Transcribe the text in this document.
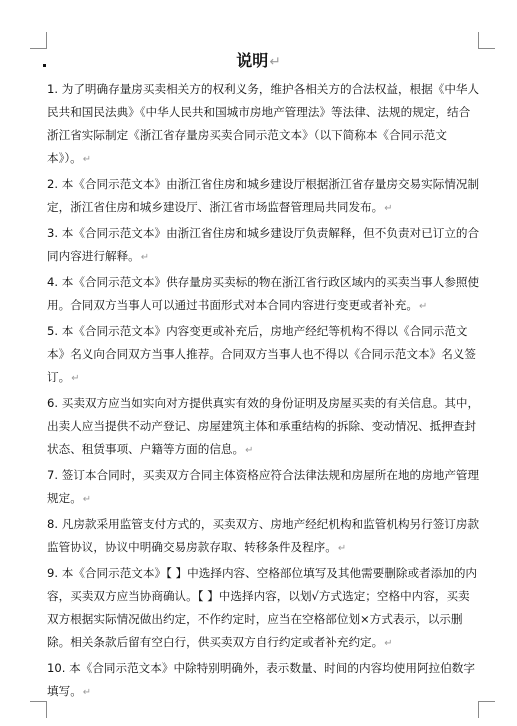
说明↵

1. 为了明确存量房买卖相关方的权利义务，维护各相关方的合法权益，根据《中华人民共和国民法典》《中华人民共和国城市房地产管理法》等法律、法规的规定，结合浙江省实际制定《浙江省存量房买卖合同示范文本》（以下简称本《合同示范文本》）。↵

2. 本《合同示范文本》由浙江省住房和城乡建设厅根据浙江省存量房交易实际情况制定，浙江省住房和城乡建设厅、浙江省市场监督管理局共同发布。↵

3. 本《合同示范文本》由浙江省住房和城乡建设厅负责解释，但不负责对已订立的合同内容进行解释。↵

4. 本《合同示范文本》供存量房买卖标的物在浙江省行政区域内的买卖当事人参照使用。合同双方当事人可以通过书面形式对本合同内容进行变更或者补充。↵

5. 本《合同示范文本》内容变更或补充后，房地产经纪等机构不得以《合同示范文本》名义向合同双方当事人推荐。合同双方当事人也不得以《合同示范文本》名义签订。↵

6. 买卖双方应当如实向对方提供真实有效的身份证明及房屋买卖的有关信息。其中，出卖人应当提供不动产登记、房屋建筑主体和承重结构的拆除、变动情况、抵押查封状态、租赁事项、户籍等方面的信息。↵

7. 签订本合同时，买卖双方合同主体资格应符合法律法规和房屋所在地的房地产管理规定。↵

8. 凡房款采用监管支付方式的，买卖双方、房地产经纪机构和监管机构另行签订房款监管协议，协议中明确交易房款存取、转移条件及程序。↵

9. 本《合同示范文本》【 】中选择内容、空格部位填写及其他需要删除或者添加的内容，买卖双方应当协商确认。【 】中选择内容，以划√方式选定；空格中内容，买卖双方根据实际情况做出约定，不作约定时，应当在空格部位划×方式表示，以示删除。相关条款后留有空白行，供买卖双方自行约定或者补充约定。↵

10. 本《合同示范文本》中除特别明确外，表示数量、时间的内容均使用阿拉伯数字填写。↵
